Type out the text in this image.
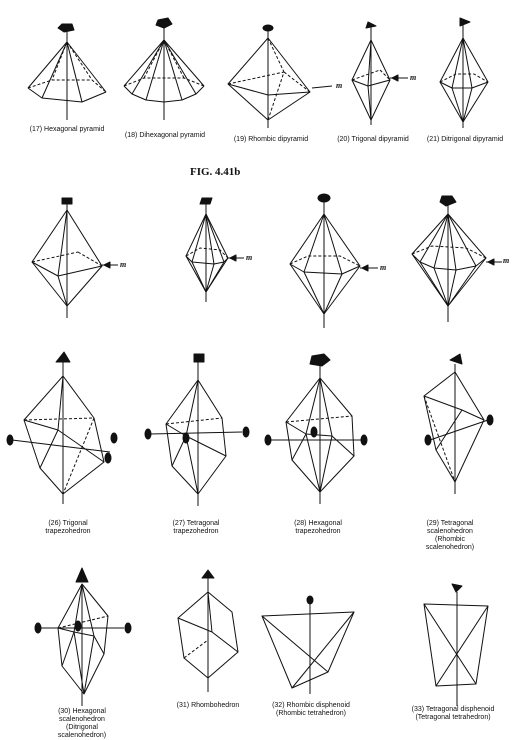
m
m
m
m
m
m
FIG. 4.41b
(17) Hexagonal pyramid
(18) Dihexagonal pyramid
(19) Rhombic dipyramid	(20) Trigonal dipyramid	(21) Ditrigonal dipyramid
(26) Trigonal
trapezohedron
(27) Tetragonal
trapezohedron
(28) Hexagonal
trapezohedron
(29) Tetragonal
scalenohedron
(Rhombic
scalenohedron)
(30) Hexagonal
scalenohedron
(Ditrigonal
scalenohedron)
(31) Rhombohedron	(32) Rhombic disphenoid
(Rhombic tetrahedron)
(33) Tetragonal disphenoid
(Tetragonal tetrahedron)
